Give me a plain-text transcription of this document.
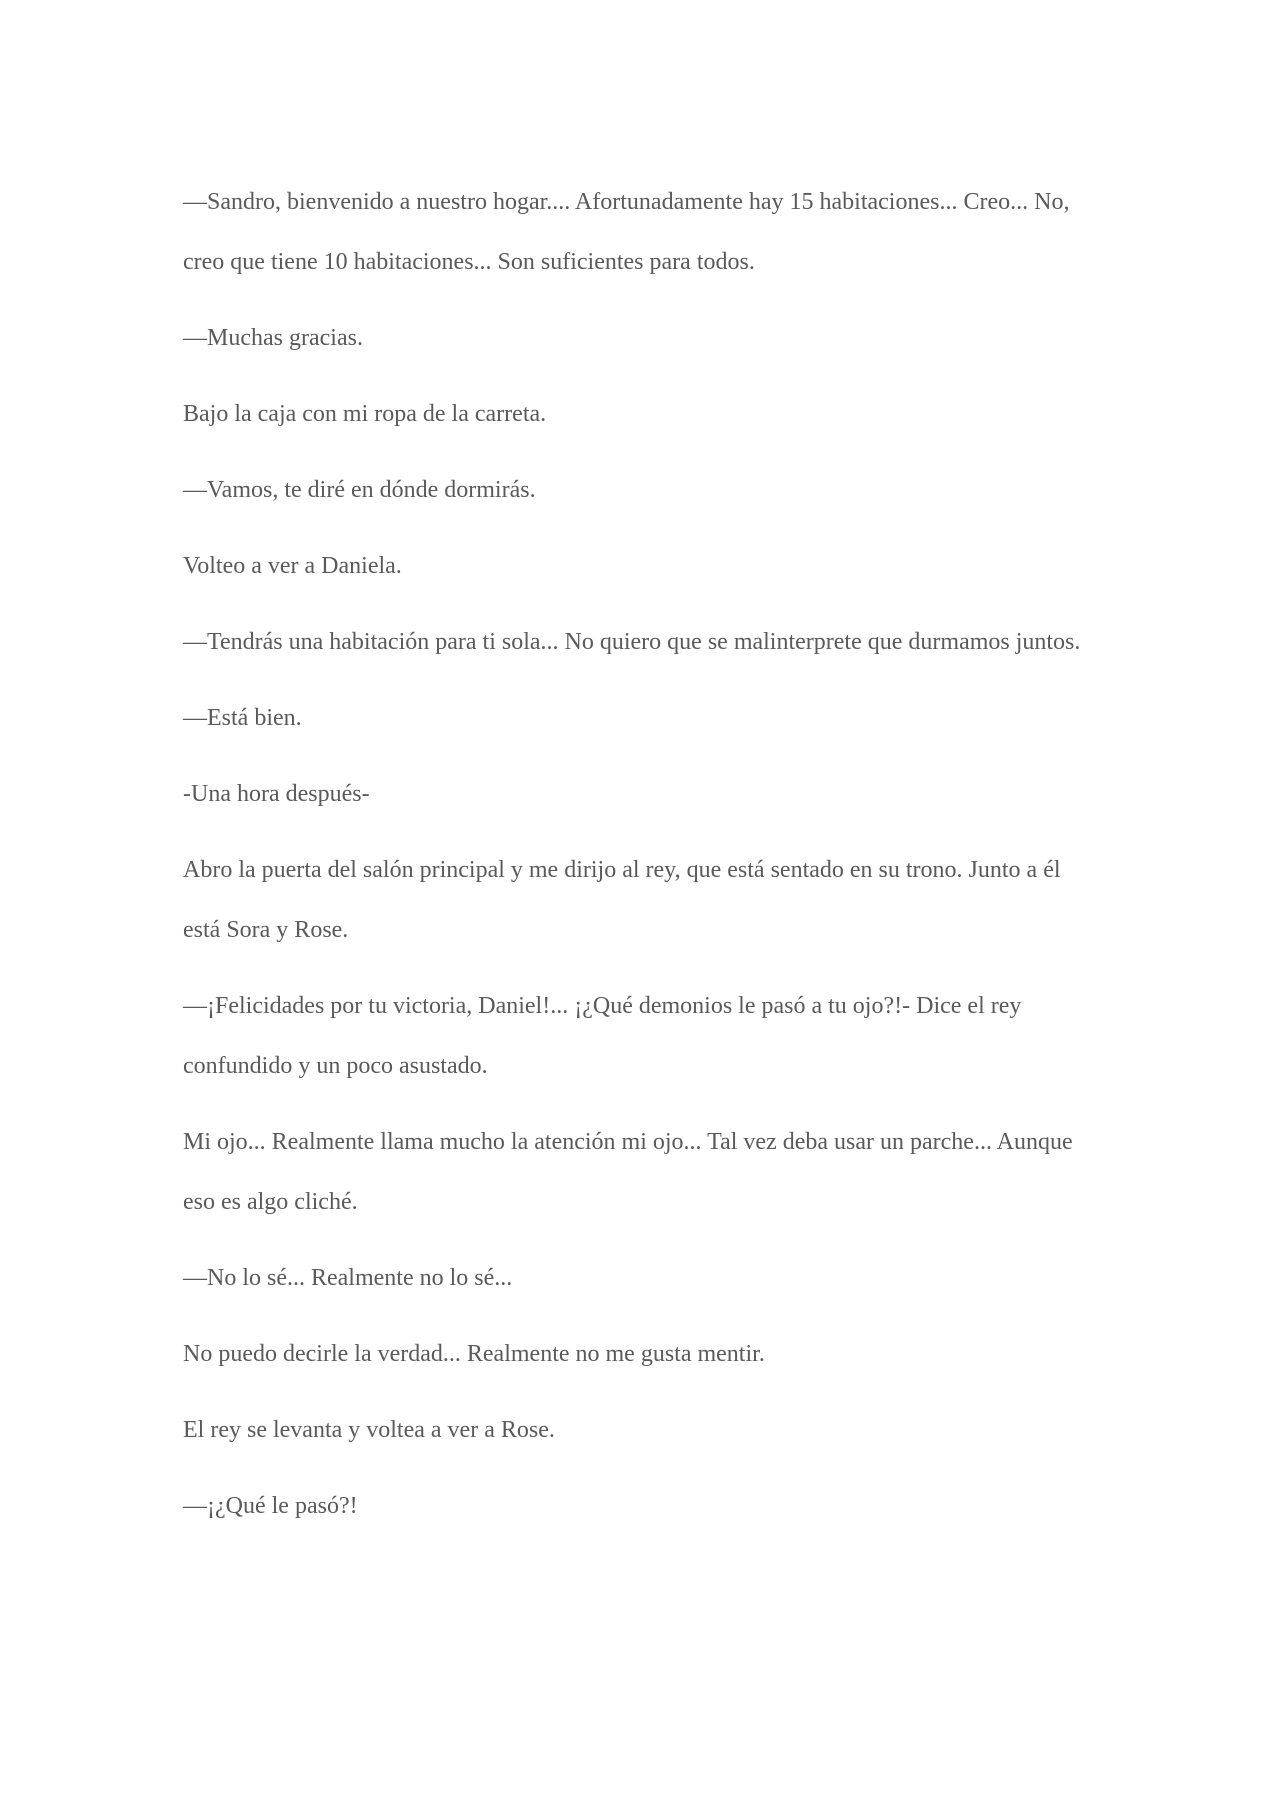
—Sandro, bienvenido a nuestro hogar.... Afortunadamente hay 15 habitaciones... Creo... No, creo que tiene 10 habitaciones... Son suficientes para todos.

—Muchas gracias.

Bajo la caja con mi ropa de la carreta.

—Vamos, te diré en dónde dormirás.

Volteo a ver a Daniela.

—Tendrás una habitación para ti sola... No quiero que se malinterprete que durmamos juntos.

—Está bien.

-Una hora después-

Abro la puerta del salón principal y me dirijo al rey, que está sentado en su trono. Junto a él está Sora y Rose.

—¡Felicidades por tu victoria, Daniel!... ¡¿Qué demonios le pasó a tu ojo?!- Dice el rey confundido y un poco asustado.

Mi ojo... Realmente llama mucho la atención mi ojo... Tal vez deba usar un parche... Aunque eso es algo cliché.

—No lo sé... Realmente no lo sé...

No puedo decirle la verdad... Realmente no me gusta mentir.

El rey se levanta y voltea a ver a Rose.

—¡¿Qué le pasó?!
